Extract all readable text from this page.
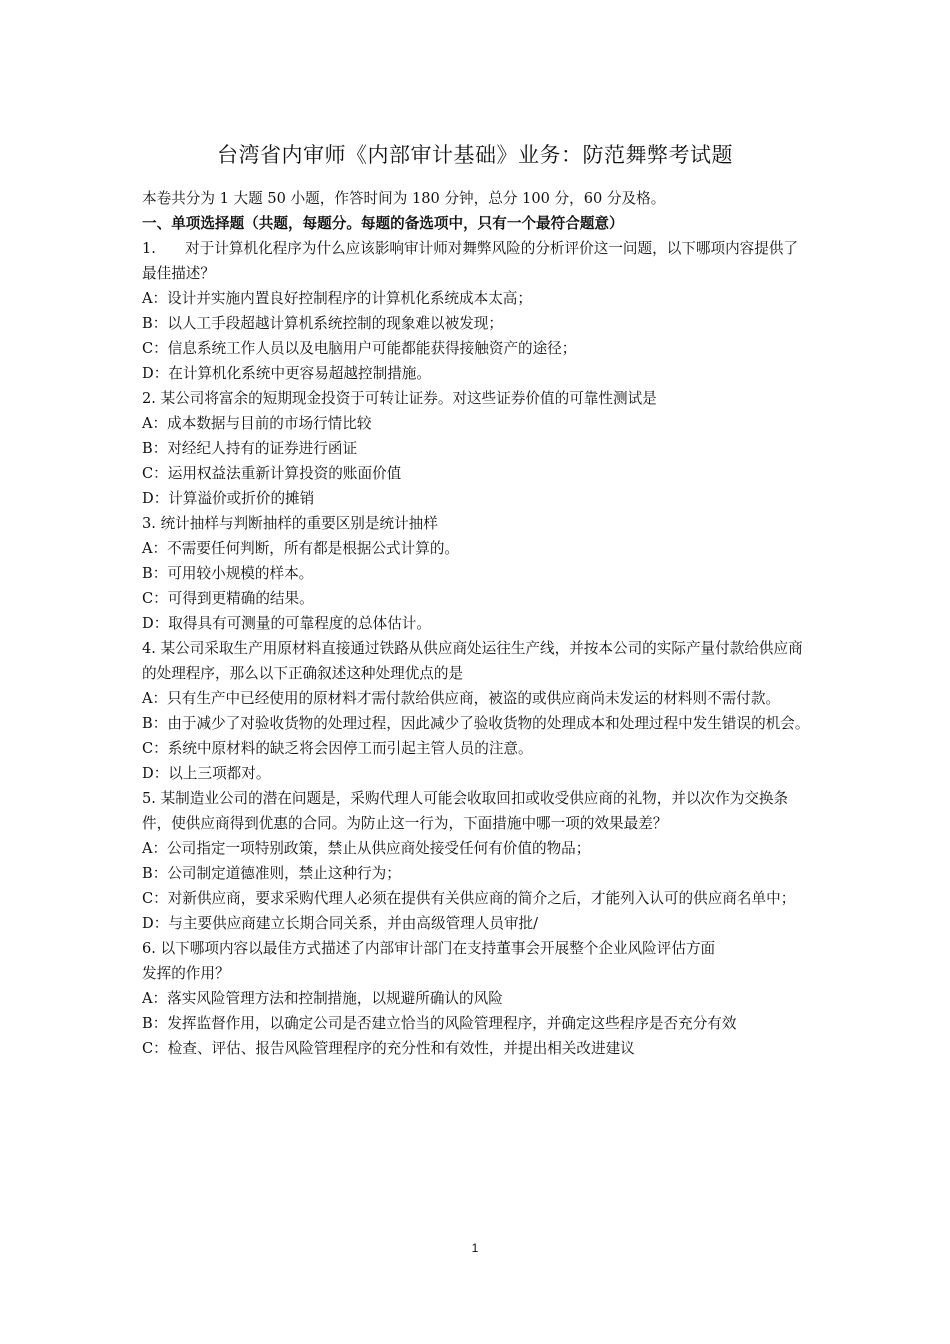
台湾省内审师《内部审计基础》业务：防范舞弊考试题

本卷共分为 1 大题 50 小题，作答时间为 180 分钟，总分 100 分，60 分及格。

一、单项选择题（共题，每题分。每题的备选项中，只有一个最符合题意）

1.　　对于计算机化程序为什么应该影响审计师对舞弊风险的分析评价这一问题，以下哪项内容提供了最佳描述？

A：设计并实施内置良好控制程序的计算机化系统成本太高；

B：以人工手段超越计算机系统控制的现象难以被发现；

C：信息系统工作人员以及电脑用户可能都能获得接触资产的途径；

D：在计算机化系统中更容易超越控制措施。

2. 某公司将富余的短期现金投资于可转让证券。对这些证券价值的可靠性测试是

A：成本数据与目前的市场行情比较

B：对经纪人持有的证券进行函证

C：运用权益法重新计算投资的账面价值

D：计算溢价或折价的摊销

3. 统计抽样与判断抽样的重要区别是统计抽样

A：不需要任何判断，所有都是根据公式计算的。

B：可用较小规模的样本。

C：可得到更精确的结果。

D：取得具有可测量的可靠程度的总体估计。

4. 某公司采取生产用原材料直接通过铁路从供应商处运往生产线，并按本公司的实际产量付款给供应商的处理程序，那么以下正确叙述这种处理优点的是

A：只有生产中已经使用的原材料才需付款给供应商，被盗的或供应商尚未发运的材料则不需付款。

B：由于减少了对验收货物的处理过程，因此减少了验收货物的处理成本和处理过程中发生错误的机会。

C：系统中原材料的缺乏将会因停工而引起主管人员的注意。

D：以上三项都对。

5. 某制造业公司的潜在问题是，采购代理人可能会收取回扣或收受供应商的礼物，并以次作为交换条件，使供应商得到优惠的合同。为防止这一行为，下面措施中哪一项的效果最差？

A：公司指定一项特别政策，禁止从供应商处接受任何有价值的物品；

B：公司制定道德准则，禁止这种行为；

C：对新供应商，要求采购代理人必须在提供有关供应商的简介之后，才能列入认可的供应商名单中；

D：与主要供应商建立长期合同关系，并由高级管理人员审批/

6. 以下哪项内容以最佳方式描述了内部审计部门在支持董事会开展整个企业风险评估方面

发挥的作用？

A：落实风险管理方法和控制措施，以规避所确认的风险

B：发挥监督作用，以确定公司是否建立恰当的风险管理程序，并确定这些程序是否充分有效

C：检查、评估、报告风险管理程序的充分性和有效性，并提出相关改进建议

1
